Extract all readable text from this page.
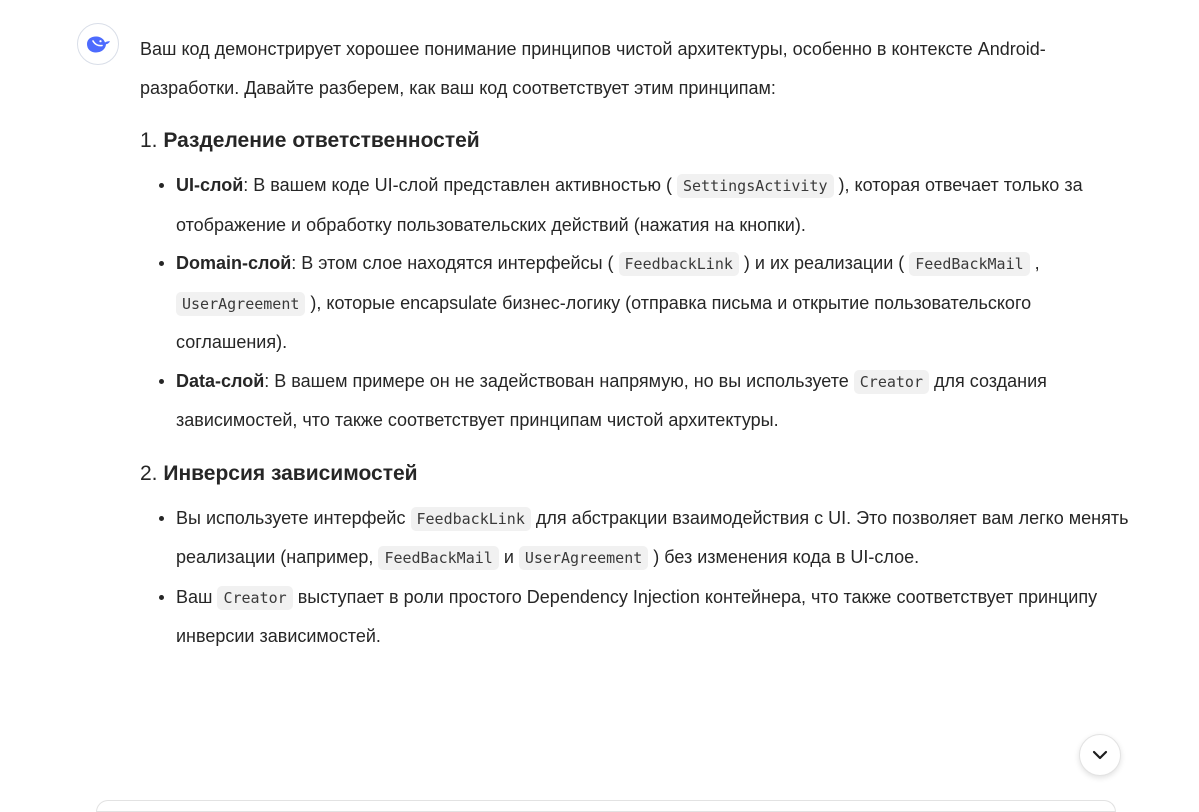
Ваш код демонстрирует хорошее понимание принципов чистой архитектуры, особенно в контексте Android-разработки. Давайте разберем, как ваш код соответствует этим принципам:

1. Разделение ответственностей
UI-слой: В вашем коде UI-слой представлен активностью ( SettingsActivity ), которая отвечает только за отображение и обработку пользовательских действий (нажатия на кнопки).
Domain-слой: В этом слое находятся интерфейсы ( FeedbackLink ) и их реализации ( FeedBackMail , UserAgreement ), которые encapsulate бизнес-логику (отправка письма и открытие пользовательского соглашения).
Data-слой: В вашем примере он не задействован напрямую, но вы используете Creator для создания зависимостей, что также соответствует принципам чистой архитектуры.
2. Инверсия зависимостей
Вы используете интерфейс FeedbackLink для абстракции взаимодействия с UI. Это позволяет вам легко менять реализации (например, FeedBackMail и UserAgreement ) без изменения кода в UI-слое.
Ваш Creator выступает в роли простого Dependency Injection контейнера, что также соответствует принципу инверсии зависимостей.
